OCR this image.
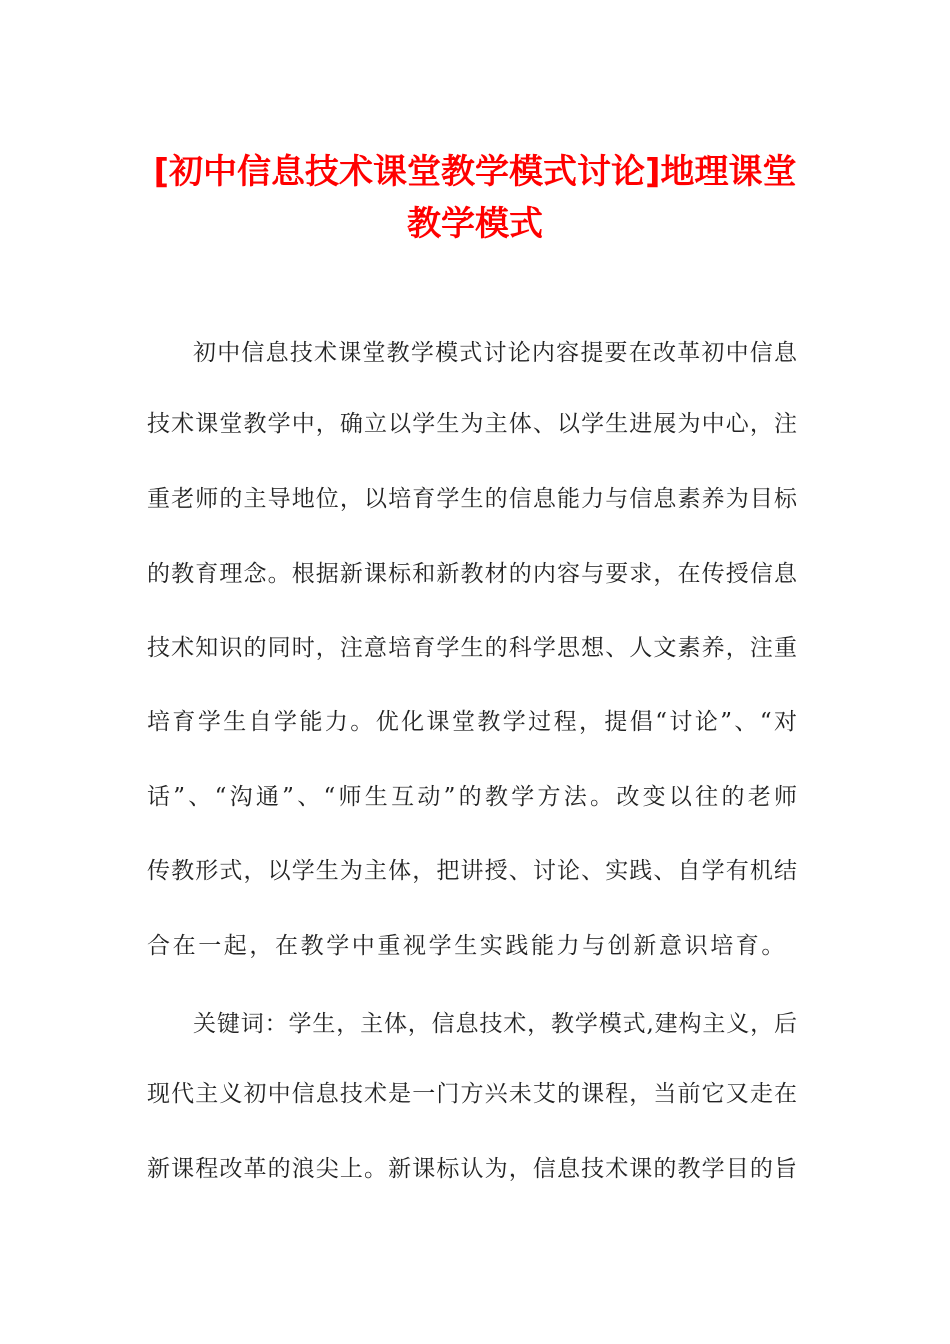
[初中信息技术课堂教学模式讨论]地理课堂
教学模式
初中信息技术课堂教学模式讨论内容提要在改革初中信息
技术课堂教学中，确立以学生为主体、以学生进展为中心，注
重老师的主导地位，以培育学生的信息能力与信息素养为目标
的教育理念。根据新课标和新教材的内容与要求，在传授信息
技术知识的同时，注意培育学生的科学思想、人文素养，注重
培育学生自学能力。优化课堂教学过程，提倡“讨论”、“对
话”、“沟通”、“师生互动”的教学方法。改变以往的老师
传教形式，以学生为主体，把讲授、讨论、实践、自学有机结
合在一起，在教学中重视学生实践能力与创新意识培育。
关键词：学生，主体，信息技术，教学模式,建构主义，后
现代主义初中信息技术是一门方兴未艾的课程，当前它又走在
新课程改革的浪尖上。新课标认为，信息技术课的教学目的旨
